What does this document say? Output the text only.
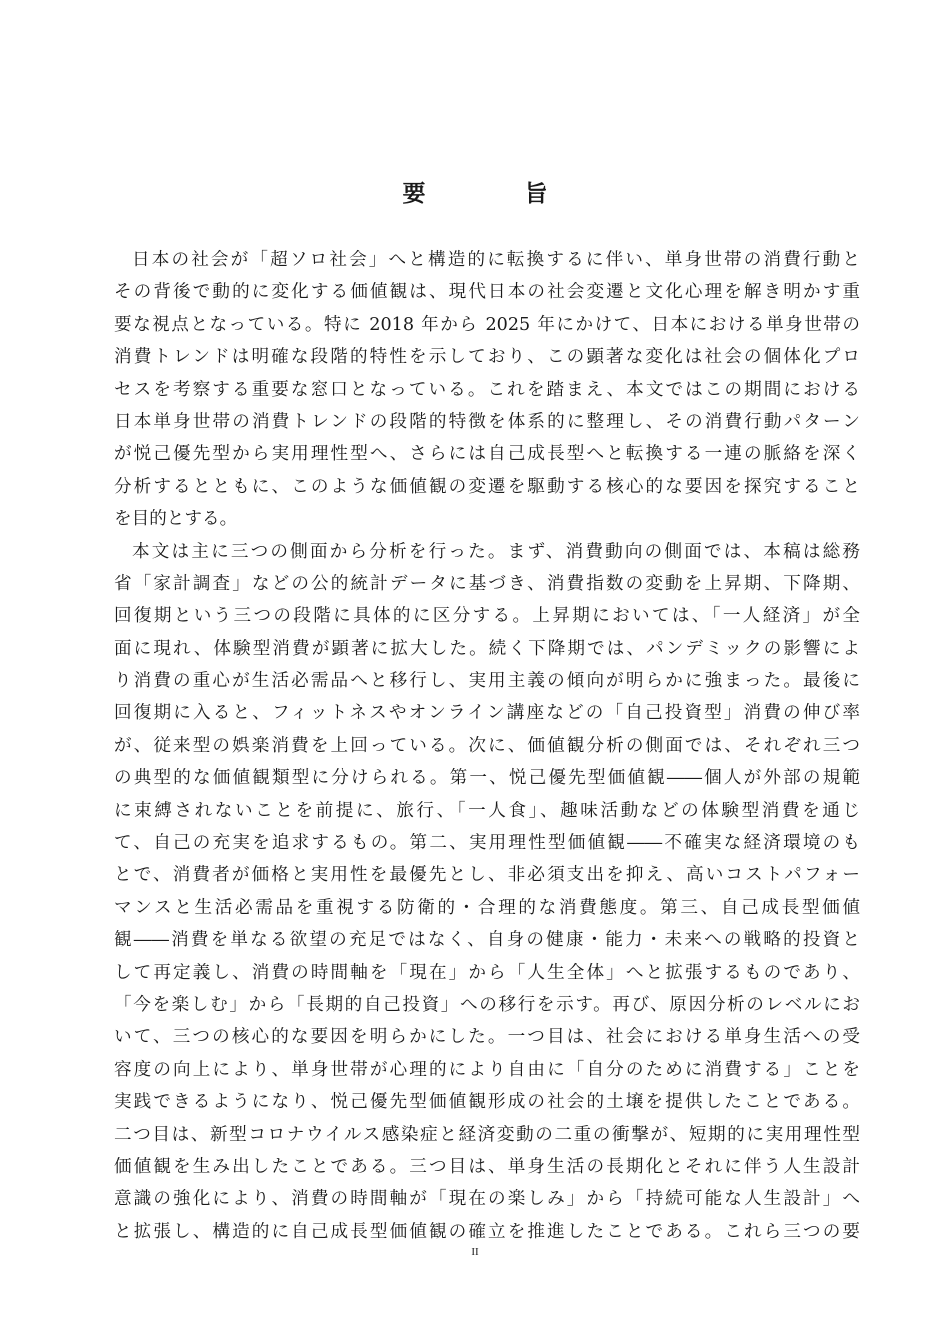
要　旨
日本の社会が「超ソロ社会」へと構造的に転換するに伴い、単身世帯の消費行動と
その背後で動的に変化する価値観は、現代日本の社会変遷と文化心理を解き明かす重
要な視点となっている。特に 2018 年から 2025 年にかけて、日本における単身世帯の
消費トレンドは明確な段階的特性を示しており、この顕著な変化は社会の個体化プロ
セスを考察する重要な窓口となっている。これを踏まえ、本文ではこの期間における
日本単身世帯の消費トレンドの段階的特徴を体系的に整理し、その消費行動パターン
が悦己優先型から実用理性型へ、さらには自己成長型へと転換する一連の脈絡を深く
分析するとともに、このような価値観の変遷を駆動する核心的な要因を探究すること
を目的とする。
本文は主に三つの側面から分析を行った。まず、消費動向の側面では、本稿は総務
省「家計調査」などの公的統計データに基づき、消費指数の変動を上昇期、下降期、
回復期という三つの段階に具体的に区分する。上昇期においては、「一人経済」が全
面に現れ、体験型消費が顕著に拡大した。続く下降期では、パンデミックの影響によ
り消費の重心が生活必需品へと移行し、実用主義の傾向が明らかに強まった。最後に
回復期に入ると、フィットネスやオンライン講座などの「自己投資型」消費の伸び率
が、従来型の娯楽消費を上回っている。次に、価値観分析の側面では、それぞれ三つ
の典型的な価値観類型に分けられる。第一、悦己優先型価値観――個人が外部の規範
に束縛されないことを前提に、旅行、「一人食」、趣味活動などの体験型消費を通じ
て、自己の充実を追求するもの。第二、実用理性型価値観――不確実な経済環境のも
とで、消費者が価格と実用性を最優先とし、非必須支出を抑え、高いコストパフォー
マンスと生活必需品を重視する防衛的・合理的な消費態度。第三、自己成長型価値
観――消費を単なる欲望の充足ではなく、自身の健康・能力・未来への戦略的投資と
して再定義し、消費の時間軸を「現在」から「人生全体」へと拡張するものであり、
「今を楽しむ」から「長期的自己投資」への移行を示す。再び、原因分析のレベルにお
いて、三つの核心的な要因を明らかにした。一つ目は、社会における単身生活への受
容度の向上により、単身世帯が心理的により自由に「自分のために消費する」ことを
実践できるようになり、悦己優先型価値観形成の社会的土壌を提供したことである。
二つ目は、新型コロナウイルス感染症と経済変動の二重の衝撃が、短期的に実用理性型
価値観を生み出したことである。三つ目は、単身生活の長期化とそれに伴う人生設計
意識の強化により、消費の時間軸が「現在の楽しみ」から「持続可能な人生設計」へ
と拡張し、構造的に自己成長型価値観の確立を推進したことである。これら三つの要
II
